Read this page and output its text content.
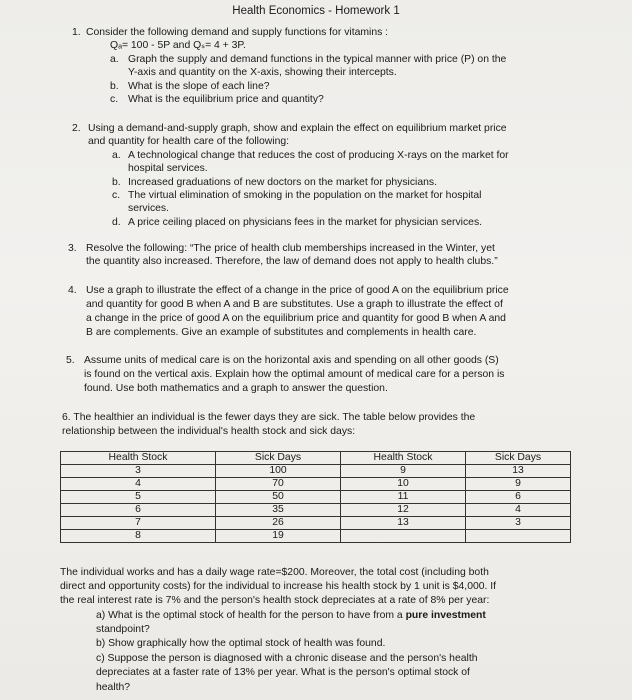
Health Economics - Homework 1
1. Consider the following demand and supply functions for vitamins :
Qₐ= 100 - 5P and Qₛ= 4 + 3P.
a. Graph the supply and demand functions in the typical manner with price (P) on the
Y-axis and quantity on the X-axis, showing their intercepts.
b. What is the slope of each line?
c. What is the equilibrium price and quantity?
2. Using a demand-and-supply graph, show and explain the effect on equilibrium market price
and quantity for health care of the following:
a. A technological change that reduces the cost of producing X-rays on the market for
hospital services.
b. Increased graduations of new doctors on the market for physicians.
c. The virtual elimination of smoking in the population on the market for hospital
services.
d. A price ceiling placed on physicians fees in the market for physician services.
3. Resolve the following: “The price of health club memberships increased in the Winter, yet
the quantity also increased. Therefore, the law of demand does not apply to health clubs.”
4. Use a graph to illustrate the effect of a change in the price of good A on the equilibrium price
and quantity for good B when A and B are substitutes. Use a graph to illustrate the effect of
a change in the price of good A on the equilibrium price and quantity for good B when A and
B are complements. Give an example of substitutes and complements in health care.
5. Assume units of medical care is on the horizontal axis and spending on all other goods (S)
is found on the vertical axis. Explain how the optimal amount of medical care for a person is
found. Use both mathematics and a graph to answer the question.
6. The healthier an individual is the fewer days they are sick. The table below provides the
relationship between the individual's health stock and sick days:
Health Stock	Sick Days	Health Stock	Sick Days
3	100	9	13
4	70	10	9
5	50	11	6
6	35	12	4
7	26	13	3
8	19		
The individual works and has a daily wage rate=$200. Moreover, the total cost (including both
direct and opportunity costs) for the individual to increase his health stock by 1 unit is $4,000. If
the real interest rate is 7% and the person's health stock depreciates at a rate of 8% per year:
a) What is the optimal stock of health for the person to have from a pure investment
standpoint?
b) Show graphically how the optimal stock of health was found.
c) Suppose the person is diagnosed with a chronic disease and the person's health
depreciates at a faster rate of 13% per year. What is the person's optimal stock of
health?
